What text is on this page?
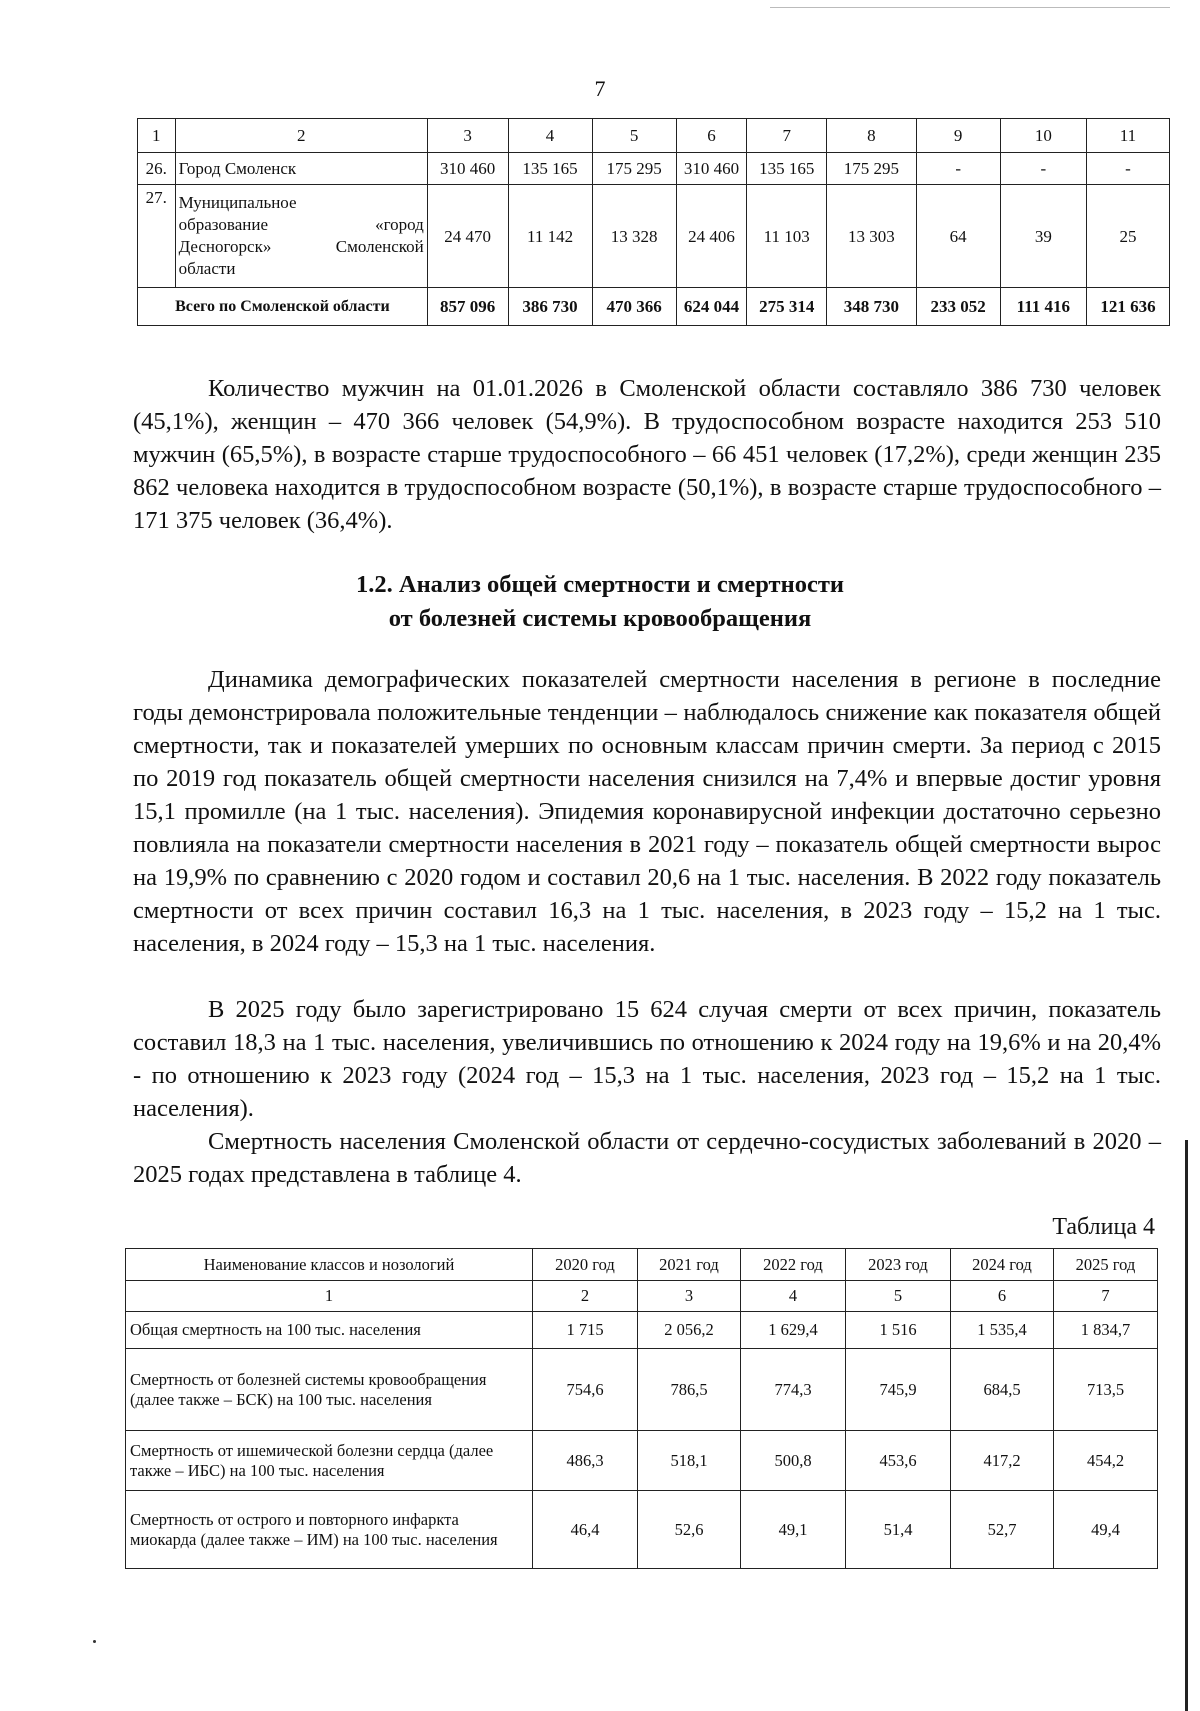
7
1	2	3	4	5	6	7	8	9	10	11
26.	Город Смоленск	310 460	135 165	175 295	310 460	135 165	175 295	-	-	-
27.	Муниципальное
образование «город
Десногорск» Смоленской
области	24 470	11 142	13 328	24 406	11 103	13 303	64	39	25
Всего по Смоленской области		857 096	386 730	470 366	624 044	275 314	348 730	233 052	111 416	121 636

Количество мужчин на 01.01.2026 в Смоленской области составляло 386 730 человек (45,1%), женщин – 470 366 человек (54,9%). В трудоспособном возрасте находится 253 510 мужчин (65,5%), в возрасте старше трудоспособного – 66 451 человек (17,2%), среди женщин 235 862 человека находится в трудоспособном возрасте (50,1%), в возрасте старше трудоспособного – 171 375 человек (36,4%).

1.2. Анализ общей смертности и смертности
от болезней системы кровообращения

Динамика демографических показателей смертности населения в регионе в последние годы демонстрировала положительные тенденции – наблюдалось снижение как показателя общей смертности, так и показателей умерших по основным классам причин смерти. За период с 2015 по 2019 год показатель общей смертности населения снизился на 7,4% и впервые достиг уровня 15,1 промилле (на 1 тыс. населения). Эпидемия коронавирусной инфекции достаточно серьезно повлияла на показатели смертности населения в 2021 году – показатель общей смертности вырос на 19,9% по сравнению с 2020 годом и составил 20,6 на 1 тыс. населения. В 2022 году показатель смертности от всех причин составил 16,3 на 1 тыс. населения, в 2023 году – 15,2 на 1 тыс. населения, в 2024 году – 15,3 на 1 тыс. населения.

В 2025 году было зарегистрировано 15 624 случая смерти от всех причин, показатель составил 18,3 на 1 тыс. населения, увеличившись по отношению к 2024 году на 19,6% и на 20,4% - по отношению к 2023 году (2024 год – 15,3 на 1 тыс. населения, 2023 год – 15,2 на 1 тыс. населения).

Смертность населения Смоленской области от сердечно-сосудистых заболеваний в 2020 – 2025 годах представлена в таблице 4.

Таблица 4
Наименование классов и нозологий	2020 год	2021 год	2022 год	2023 год	2024 год	2025 год
1	2	3	4	5	6	7
Общая смертность на 100 тыс. населения	1 715	2 056,2	1 629,4	1 516	1 535,4	1 834,7
Смертность от болезней системы кровообращения (далее также – БСК) на 100 тыс. населения	754,6	786,5	774,3	745,9	684,5	713,5
Смертность от ишемической болезни сердца (далее также – ИБС) на 100 тыс. населения	486,3	518,1	500,8	453,6	417,2	454,2
Смертность от острого и повторного инфаркта миокарда (далее также – ИМ) на 100 тыс. населения	46,4	52,6	49,1	51,4	52,7	49,4
